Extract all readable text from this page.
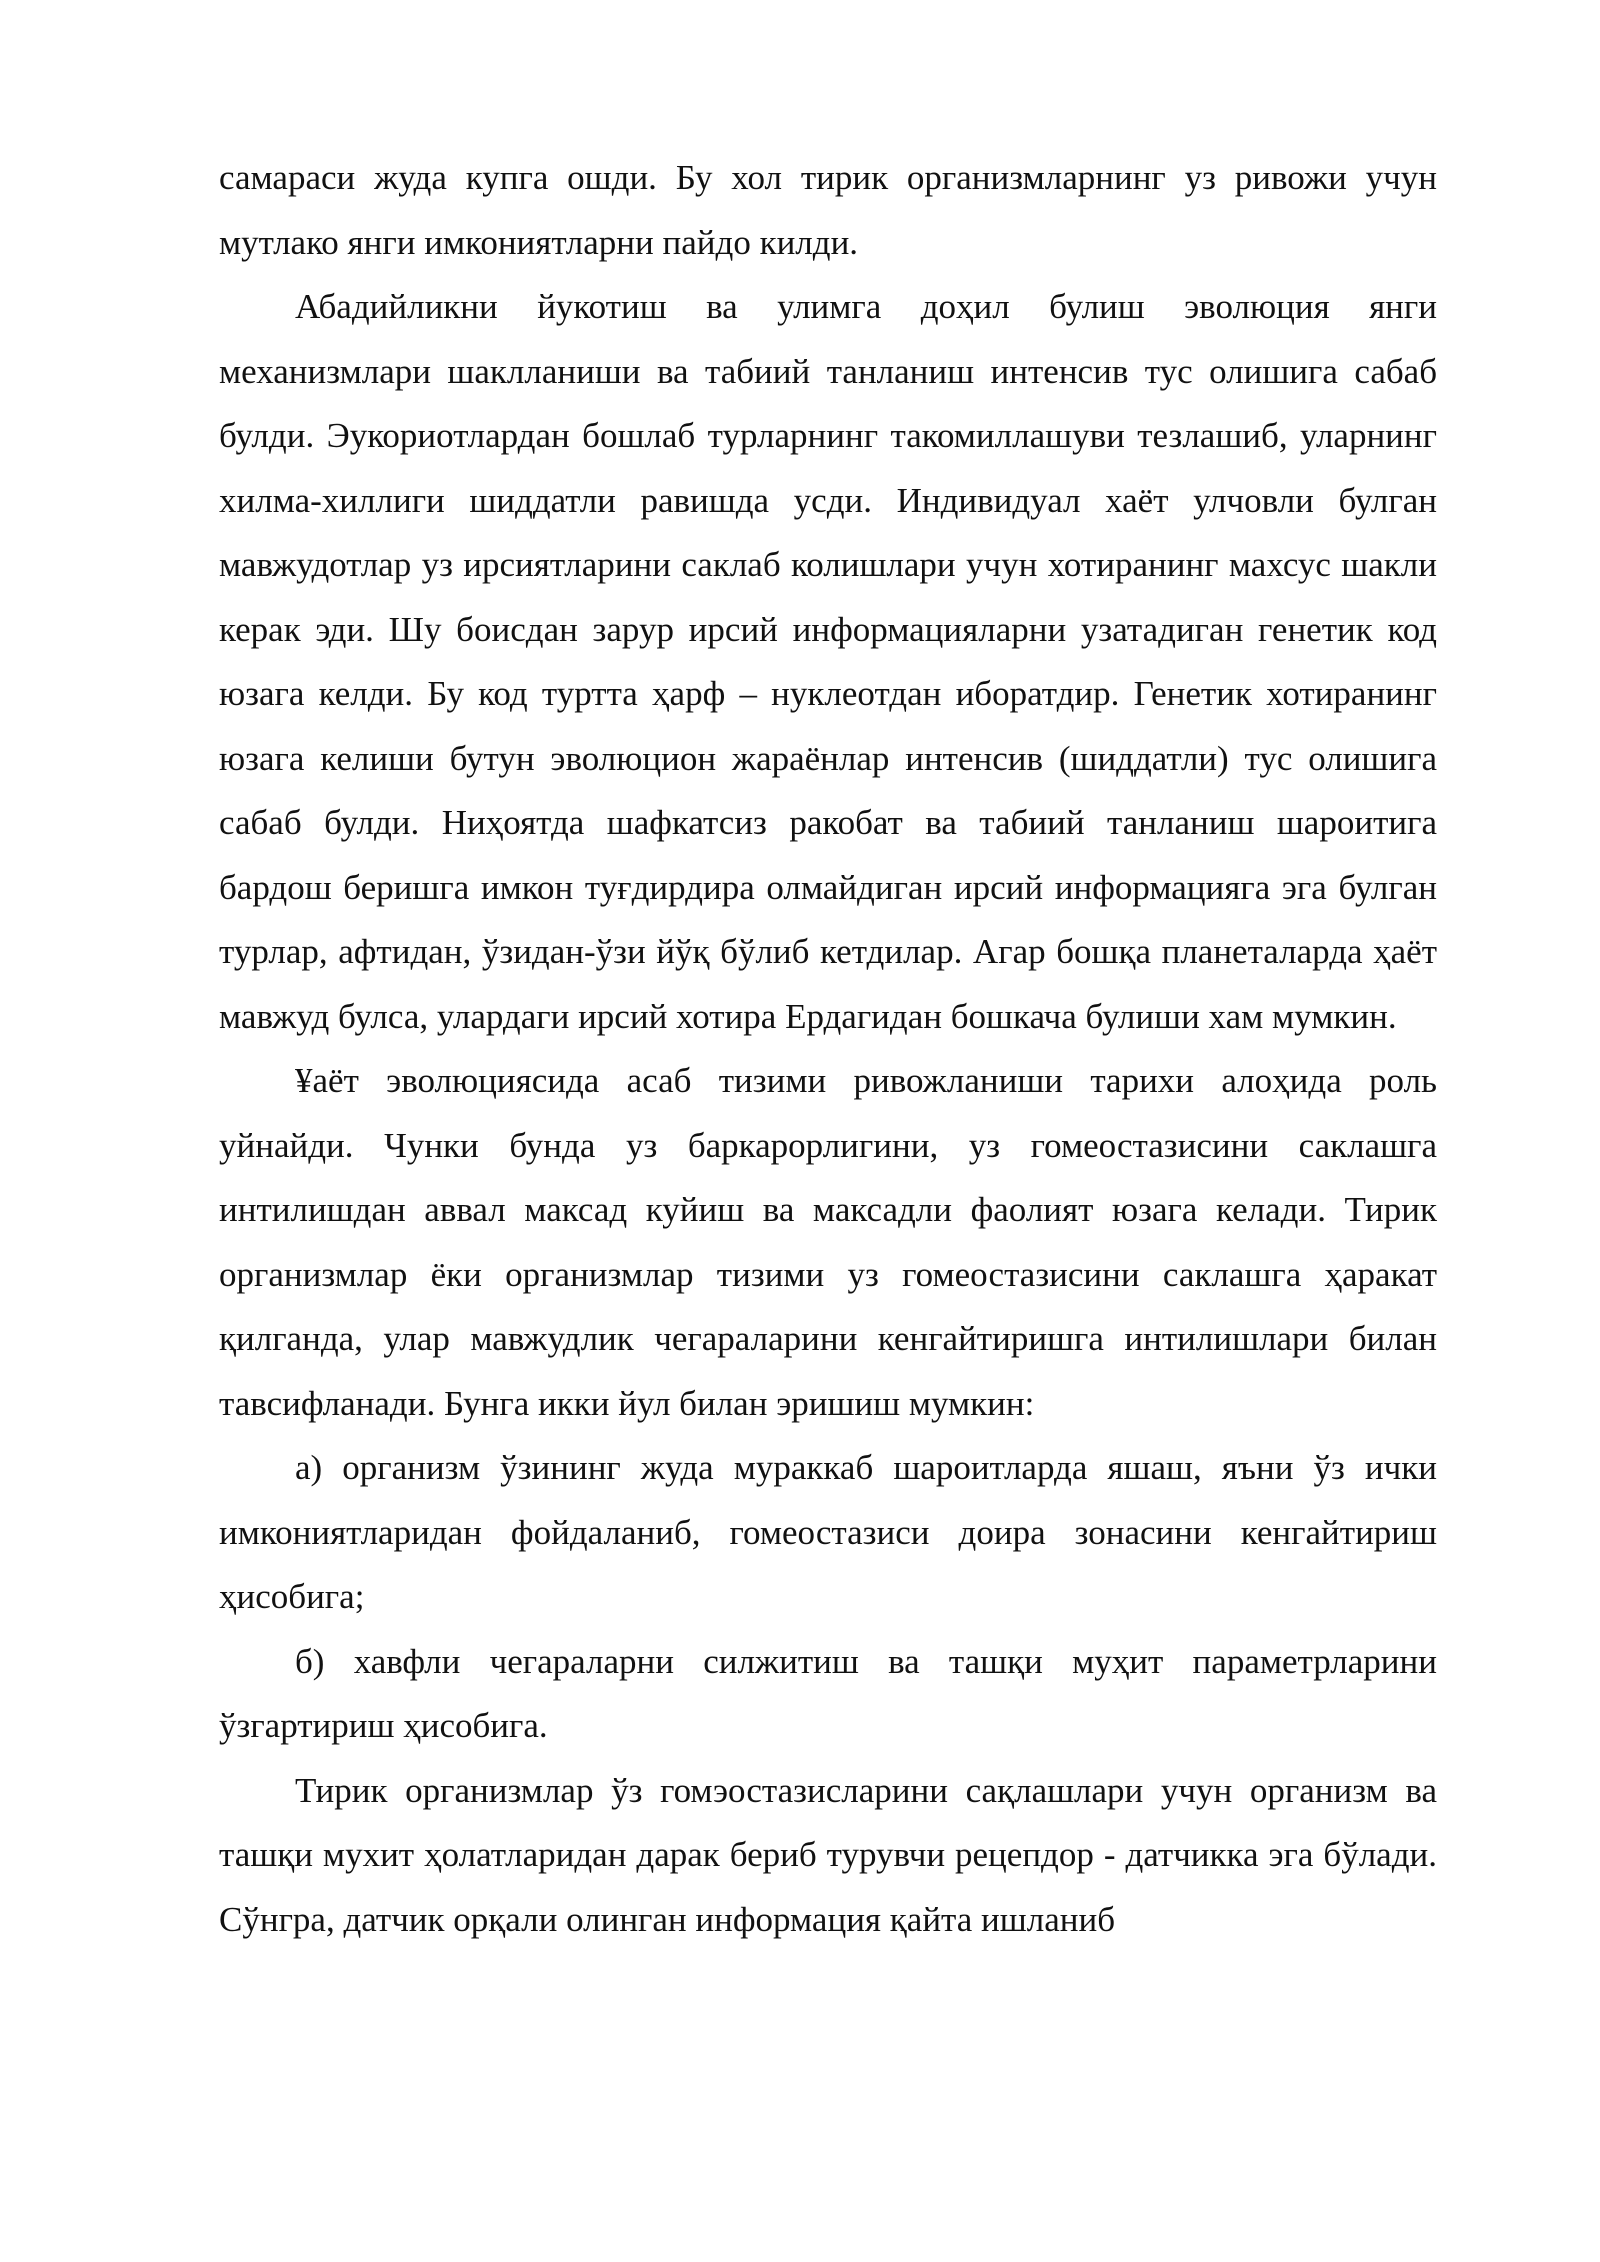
самараси жуда купга ошди. Бу хол тирик организмларнинг уз ривожи учун мутлако янги имкониятларни пайдо килди.

Абадийликни йукотиш ва улимга доҳил булиш эволюция янги механизмлари шаклланиши ва табиий танланиш интенсив тус олишига сабаб булди. Эукориотлардан бошлаб турларнинг такомиллашуви тезлашиб, уларнинг хилма-хиллиги шиддатли равишда усди. Индивидуал хаёт улчовли булган мавжудотлар уз ирсиятларини саклаб колишлари учун хотиранинг махсус шакли керак эди. Шу боисдан зарур ирсий информацияларни узатадиган генетик код юзага келди. Бу код туртта ҳарф – нуклеотдан иборатдир. Генетик хотиранинг юзага келиши бутун эволюцион жараёнлар интенсив (шиддатли) тус олишига сабаб булди. Ниҳоятда шафкатсиз ракобат ва табиий танланиш шароитига бардош беришга имкон туғдирдира олмайдиган ирсий информацияга эга булган турлар, афтидан, ўзидан-ўзи йўқ бўлиб кетдилар. Агар бошқа планеталарда ҳаёт мавжуд булса, улардаги ирсий хотира Ердагидан бошкача булиши хам мумкин.

¥аёт эволюциясида асаб тизими ривожланиши тарихи алоҳида роль уйнайди. Чунки бунда уз баркарорлигини, уз гомеостазисини саклашга интилишдан аввал максад куйиш ва максадли фаолият юзага келади. Тирик организмлар ёки организмлар тизими уз гомеостазисини саклашга ҳаракат қилганда, улар мавжудлик чегараларини кенгайтиришга интилишлари билан тавсифланади. Бунга икки йул билан эришиш мумкин:

а) организм ўзининг жуда мураккаб шароитларда яшаш, яъни ўз ички имкониятларидан фойдаланиб, гомеостазиси доира зонасини кенгайтириш ҳисобига;

б) хавфли чегараларни силжитиш ва ташқи муҳит параметрларини ўзгартириш ҳисобига.

Тирик организмлар ўз гомэостазисларини сақлашлари учун организм ва ташқи мухит ҳолатларидан дарак бериб турувчи рецепдор - датчикка эга бўлади. Сўнгра, датчик орқали олинган информация қайта ишланиб
